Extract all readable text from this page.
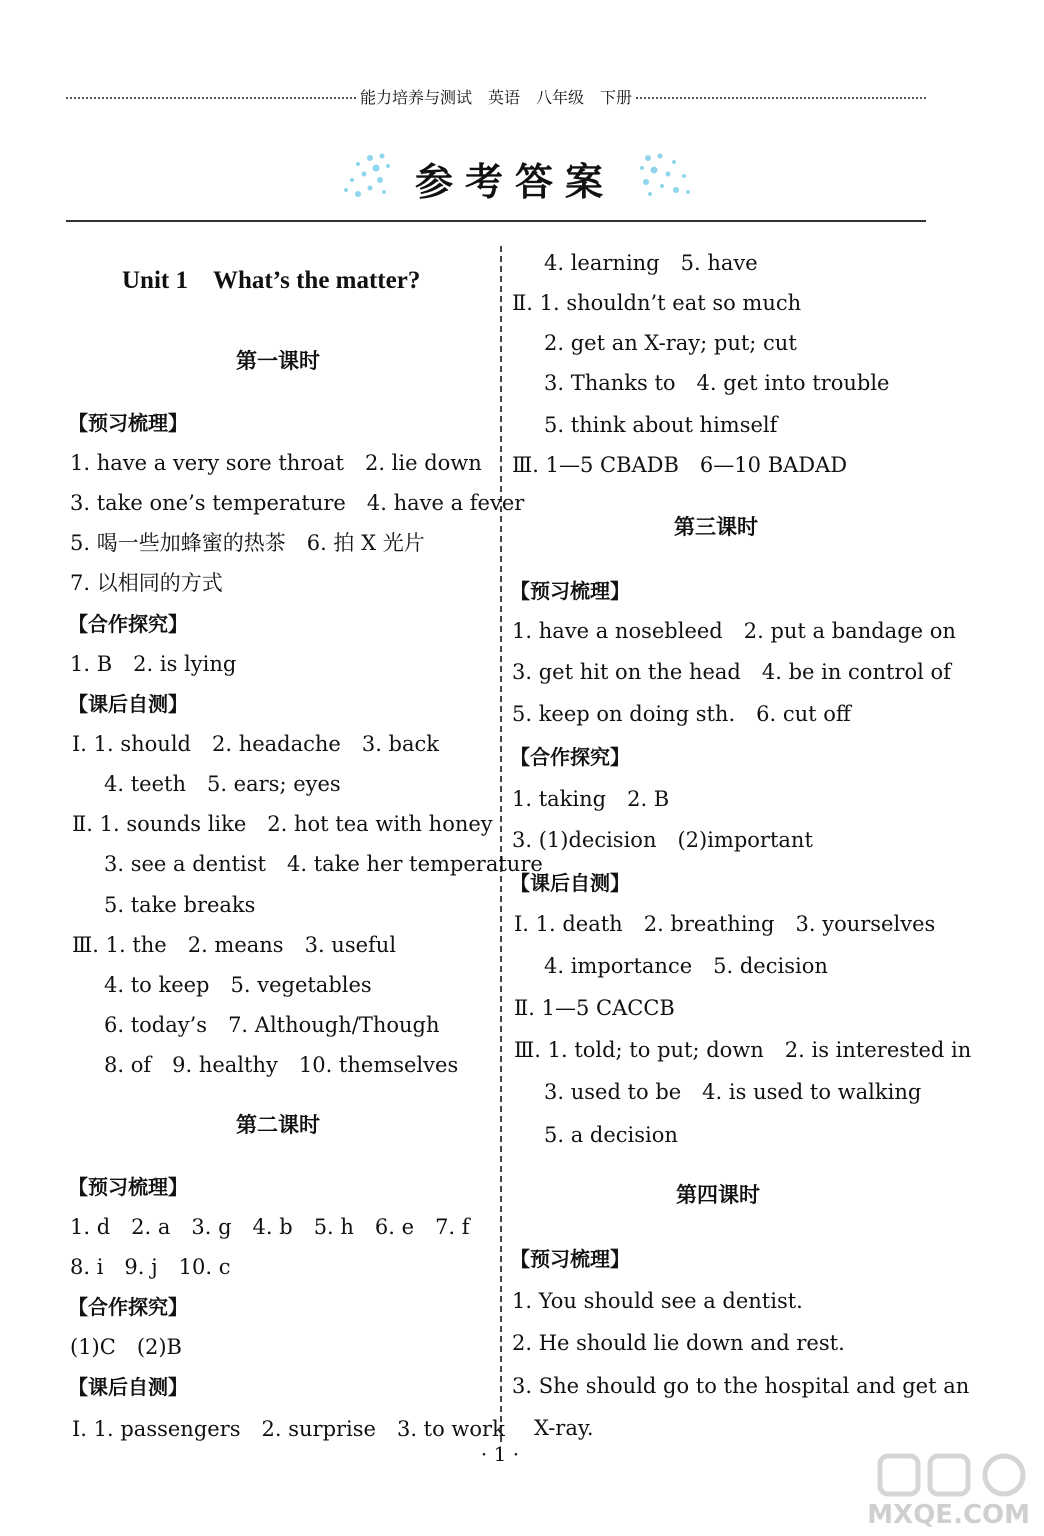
能力培养与测试　英语　八年级　下册
参考答案
Unit 1　What’s the matter?
第一课时
【预习梳理】
1. have a very sore throat　2. lie down
3. take one’s temperature　4. have a fever
5. 喝一些加蜂蜜的热茶　6. 拍 X 光片
7. 以相同的方式
【合作探究】
1. B　2. is lying
【课后自测】
Ⅰ. 1. should　2. headache　3. back
4. teeth　5. ears; eyes
Ⅱ. 1. sounds like　2. hot tea with honey
3. see a dentist　4. take her temperature
5. take breaks
Ⅲ. 1. the　2. means　3. useful
4. to keep　5. vegetables
6. today’s　7. Although/Though
8. of　9. healthy　10. themselves
第二课时
【预习梳理】
1. d　2. a　3. g　4. b　5. h　6. e　7. f
8. i　9. j　10. c
【合作探究】
(1)C　(2)B
【课后自测】
Ⅰ. 1. passengers　2. surprise　3. to work
4. learning　5. have
Ⅱ. 1. shouldn’t eat so much
2. get an X-ray; put; cut
3. Thanks to　4. get into trouble
5. think about himself
Ⅲ. 1—5 CBADB　6—10 BADAD
第三课时
【预习梳理】
1. have a nosebleed　2. put a bandage on
3. get hit on the head　4. be in control of
5. keep on doing sth.　6. cut off
【合作探究】
1. taking　2. B
3. (1)decision　(2)important
【课后自测】
Ⅰ. 1. death　2. breathing　3. yourselves
4. importance　5. decision
Ⅱ. 1—5 CACCB
Ⅲ. 1. told; to put; down　2. is interested in
3. used to be　4. is used to walking
5. a decision
第四课时
【预习梳理】
1. You should see a dentist.
2. He should lie down and rest.
3. She should go to the hospital and get an
X-ray.
· 1 ·
MXQE.COM
